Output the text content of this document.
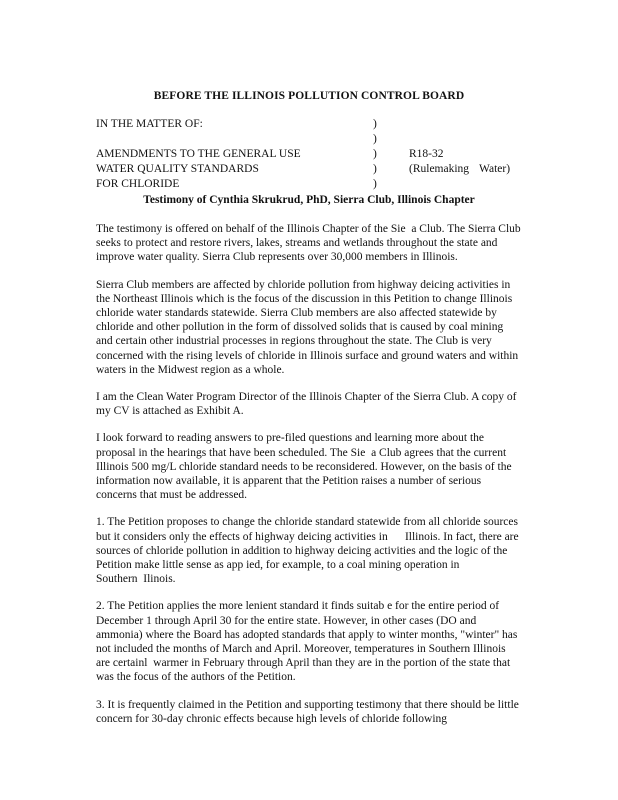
BEFORE THE ILLINOIS POLLUTION CONTROL BOARD
IN THE MATTER OF:	)
)
AMENDMENTS TO THE GENERAL USE	)	R18-32
WATER QUALITY STANDARDS	)	(Rulemaking Water)
FOR CHLORIDE	)
Testimony of Cynthia Skrukrud, PhD, Sierra Club, Illinois Chapter

The testimony is offered on behalf of the Illinois Chapter of the Sie  a Club. The Sierra Club seeks to protect and restore rivers, lakes, streams and wetlands throughout the state and improve water quality. Sierra Club represents over 30,000 members in Illinois.

Sierra Club members are affected by chloride pollution from highway deicing activities in the Northeast Illinois which is the focus of the discussion in this Petition to change Illinois chloride water standards statewide. Sierra Club members are also affected statewide by chloride and other pollution in the form of dissolved solids that is caused by coal mining and certain other industrial processes in regions throughout the state. The Club is very concerned with the rising levels of chloride in Illinois surface and ground waters and within waters in the Midwest region as a whole.

I am the Clean Water Program Director of the Illinois Chapter of the Sierra Club. A copy of my CV is attached as Exhibit A.

I look forward to reading answers to pre-filed questions and learning more about the proposal in the hearings that have been scheduled. The Sie  a Club agrees that the current Illinois 500 mg/L chloride standard needs to be reconsidered. However, on the basis of the information now available, it is apparent that the Petition raises a number of serious concerns that must be addressed.

1. The Petition proposes to change the chloride standard statewide from all chloride sources but it considers only the effects of highway deicing activities in      Illinois. In fact, there are sources of chloride pollution in addition to highway deicing activities and the logic of the Petition make little sense as app ied, for example, to a coal mining operation in Southern  Ilinois.

2. The Petition applies the more lenient standard it finds suitab e for the entire period of December 1 through April 30 for the entire state. However, in other cases (DO and ammonia) where the Board has adopted standards that apply to winter months, "winter" has not included the months of March and April. Moreover, temperatures in Southern Illinois are certainl  warmer in February through April than they are in the portion of the state that was the focus of the authors of the Petition.

3. It is frequently claimed in the Petition and supporting testimony that there should be little concern for 30-day chronic effects because high levels of chloride following
